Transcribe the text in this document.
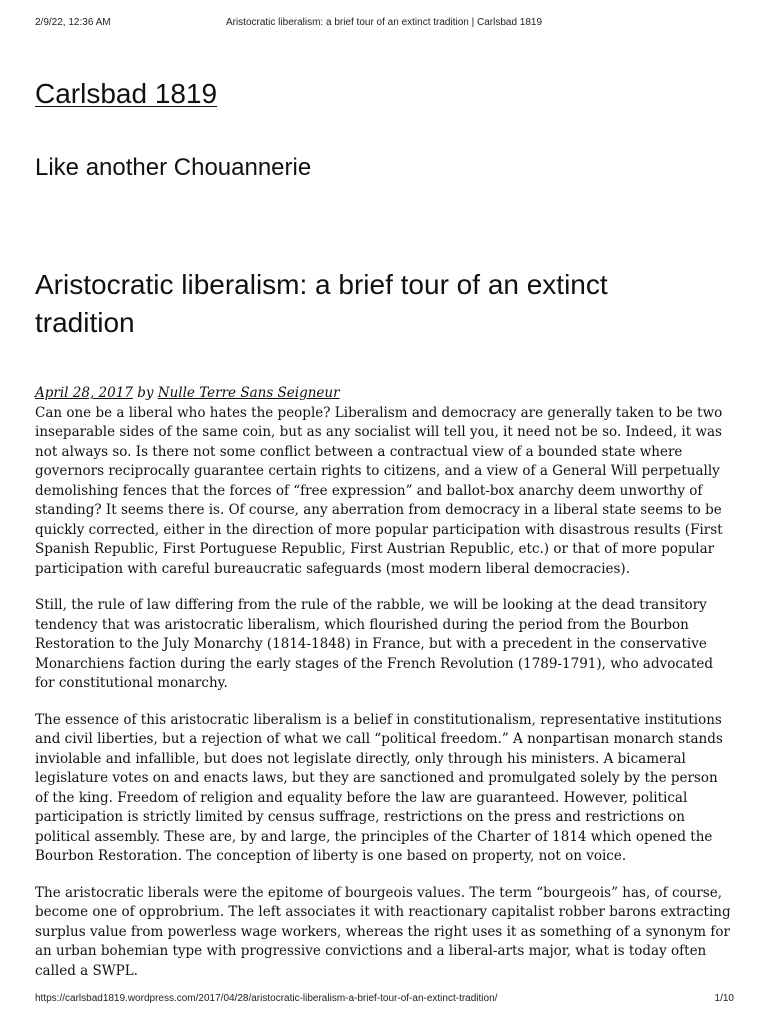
2/9/22, 12:36 AM	Aristocratic liberalism: a brief tour of an extinct tradition | Carlsbad 1819
Carlsbad 1819
Like another Chouannerie
Aristocratic liberalism: a brief tour of an extinct tradition
April 28, 2017 by Nulle Terre Sans Seigneur

Can one be a liberal who hates the people? Liberalism and democracy are generally taken to be two inseparable sides of the same coin, but as any socialist will tell you, it need not be so. Indeed, it was not always so. Is there not some conflict between a contractual view of a bounded state where governors reciprocally guarantee certain rights to citizens, and a view of a General Will perpetually demolishing fences that the forces of “free expression” and ballot-box anarchy deem unworthy of standing? It seems there is. Of course, any aberration from democracy in a liberal state seems to be quickly corrected, either in the direction of more popular participation with disastrous results (First Spanish Republic, First Portuguese Republic, First Austrian Republic, etc.) or that of more popular participation with careful bureaucratic safeguards (most modern liberal democracies).

Still, the rule of law differing from the rule of the rabble, we will be looking at the dead transitory tendency that was aristocratic liberalism, which flourished during the period from the Bourbon Restoration to the July Monarchy (1814-1848) in France, but with a precedent in the conservative Monarchiens faction during the early stages of the French Revolution (1789-1791), who advocated for constitutional monarchy.

The essence of this aristocratic liberalism is a belief in constitutionalism, representative institutions and civil liberties, but a rejection of what we call “political freedom.” A nonpartisan monarch stands inviolable and infallible, but does not legislate directly, only through his ministers. A bicameral legislature votes on and enacts laws, but they are sanctioned and promulgated solely by the person of the king. Freedom of religion and equality before the law are guaranteed. However, political participation is strictly limited by census suffrage, restrictions on the press and restrictions on political assembly. These are, by and large, the principles of the Charter of 1814 which opened the Bourbon Restoration. The conception of liberty is one based on property, not on voice.

The aristocratic liberals were the epitome of bourgeois values. The term “bourgeois” has, of course, become one of opprobrium. The left associates it with reactionary capitalist robber barons extracting surplus value from powerless wage workers, whereas the right uses it as something of a synonym for an urban bohemian type with progressive convictions and a liberal-arts major, what is today often called a SWPL.

https://carlsbad1819.wordpress.com/2017/04/28/aristocratic-liberalism-a-brief-tour-of-an-extinct-tradition/	1/10
